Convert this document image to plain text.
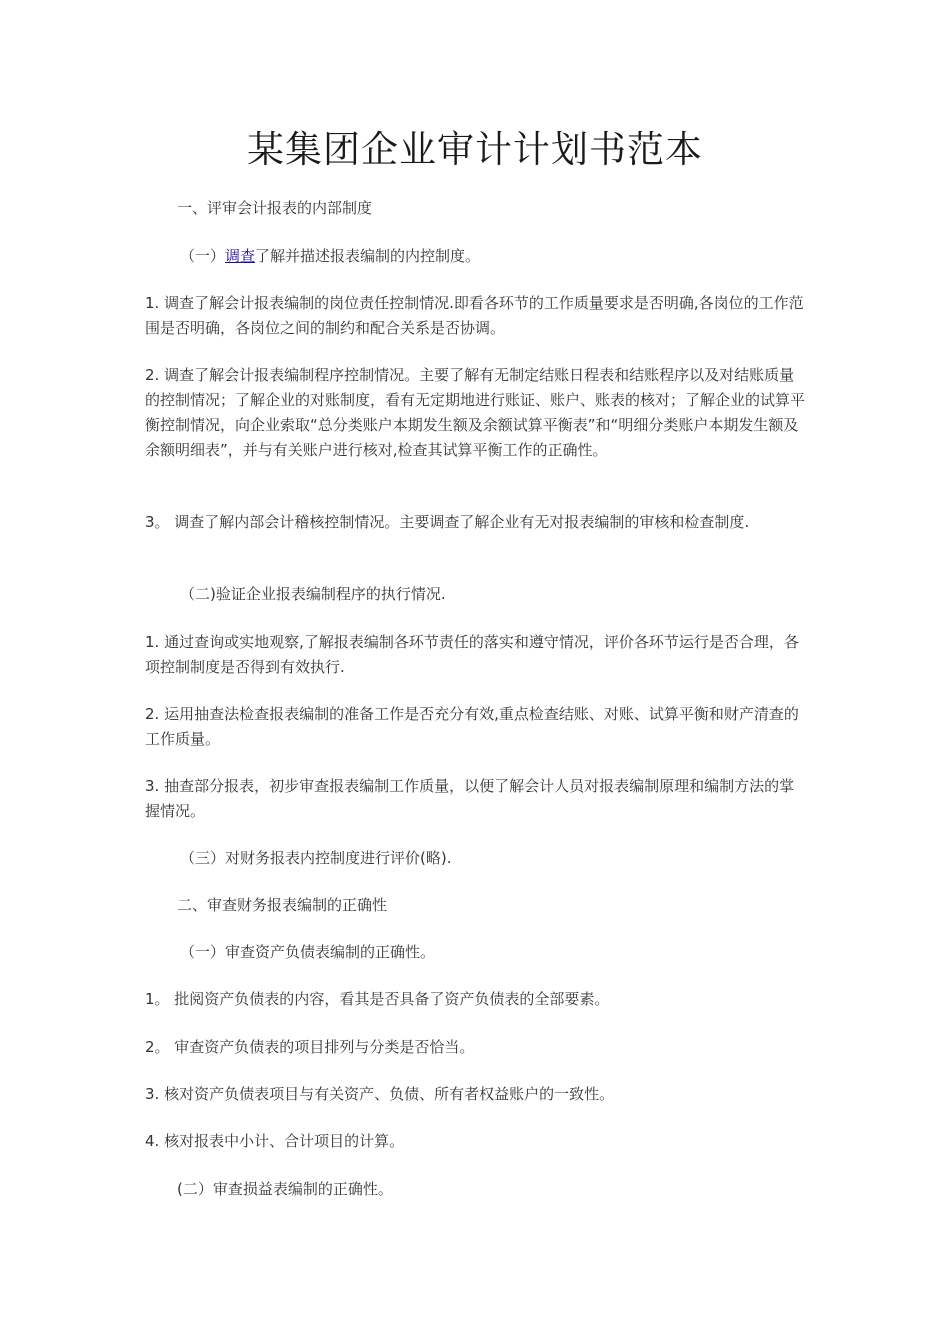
某集团企业审计计划书范本

一、评审会计报表的内部制度

（一）调查了解并描述报表编制的内控制度。

1. 调查了解会计报表编制的岗位责任控制情况.即看各环节的工作质量要求是否明确,各岗位的工作范围是否明确，各岗位之间的制约和配合关系是否协调。

2. 调查了解会计报表编制程序控制情况。主要了解有无制定结账日程表和结账程序以及对结账质量的控制情况；了解企业的对账制度，看有无定期地进行账证、账户、账表的核对；了解企业的试算平衡控制情况，向企业索取“总分类账户本期发生额及余额试算平衡表”和“明细分类账户本期发生额及余额明细表”，并与有关账户进行核对,检查其试算平衡工作的正确性。

3。 调查了解内部会计稽核控制情况。主要调查了解企业有无对报表编制的审核和检查制度.

（二)验证企业报表编制程序的执行情况.

1. 通过查询或实地观察,了解报表编制各环节责任的落实和遵守情况，评价各环节运行是否合理，各项控制制度是否得到有效执行.

2. 运用抽查法检查报表编制的准备工作是否充分有效,重点检查结账、对账、试算平衡和财产清查的工作质量。

3. 抽查部分报表，初步审查报表编制工作质量，以便了解会计人员对报表编制原理和编制方法的掌握情况。

（三）对财务报表内控制度进行评价(略).

二、审查财务报表编制的正确性

（一）审查资产负债表编制的正确性。

1。 批阅资产负债表的内容，看其是否具备了资产负债表的全部要素。

2。 审查资产负债表的项目排列与分类是否恰当。

3. 核对资产负债表项目与有关资产、负债、所有者权益账户的一致性。

4. 核对报表中小计、合计项目的计算。

(二）审查损益表编制的正确性。
